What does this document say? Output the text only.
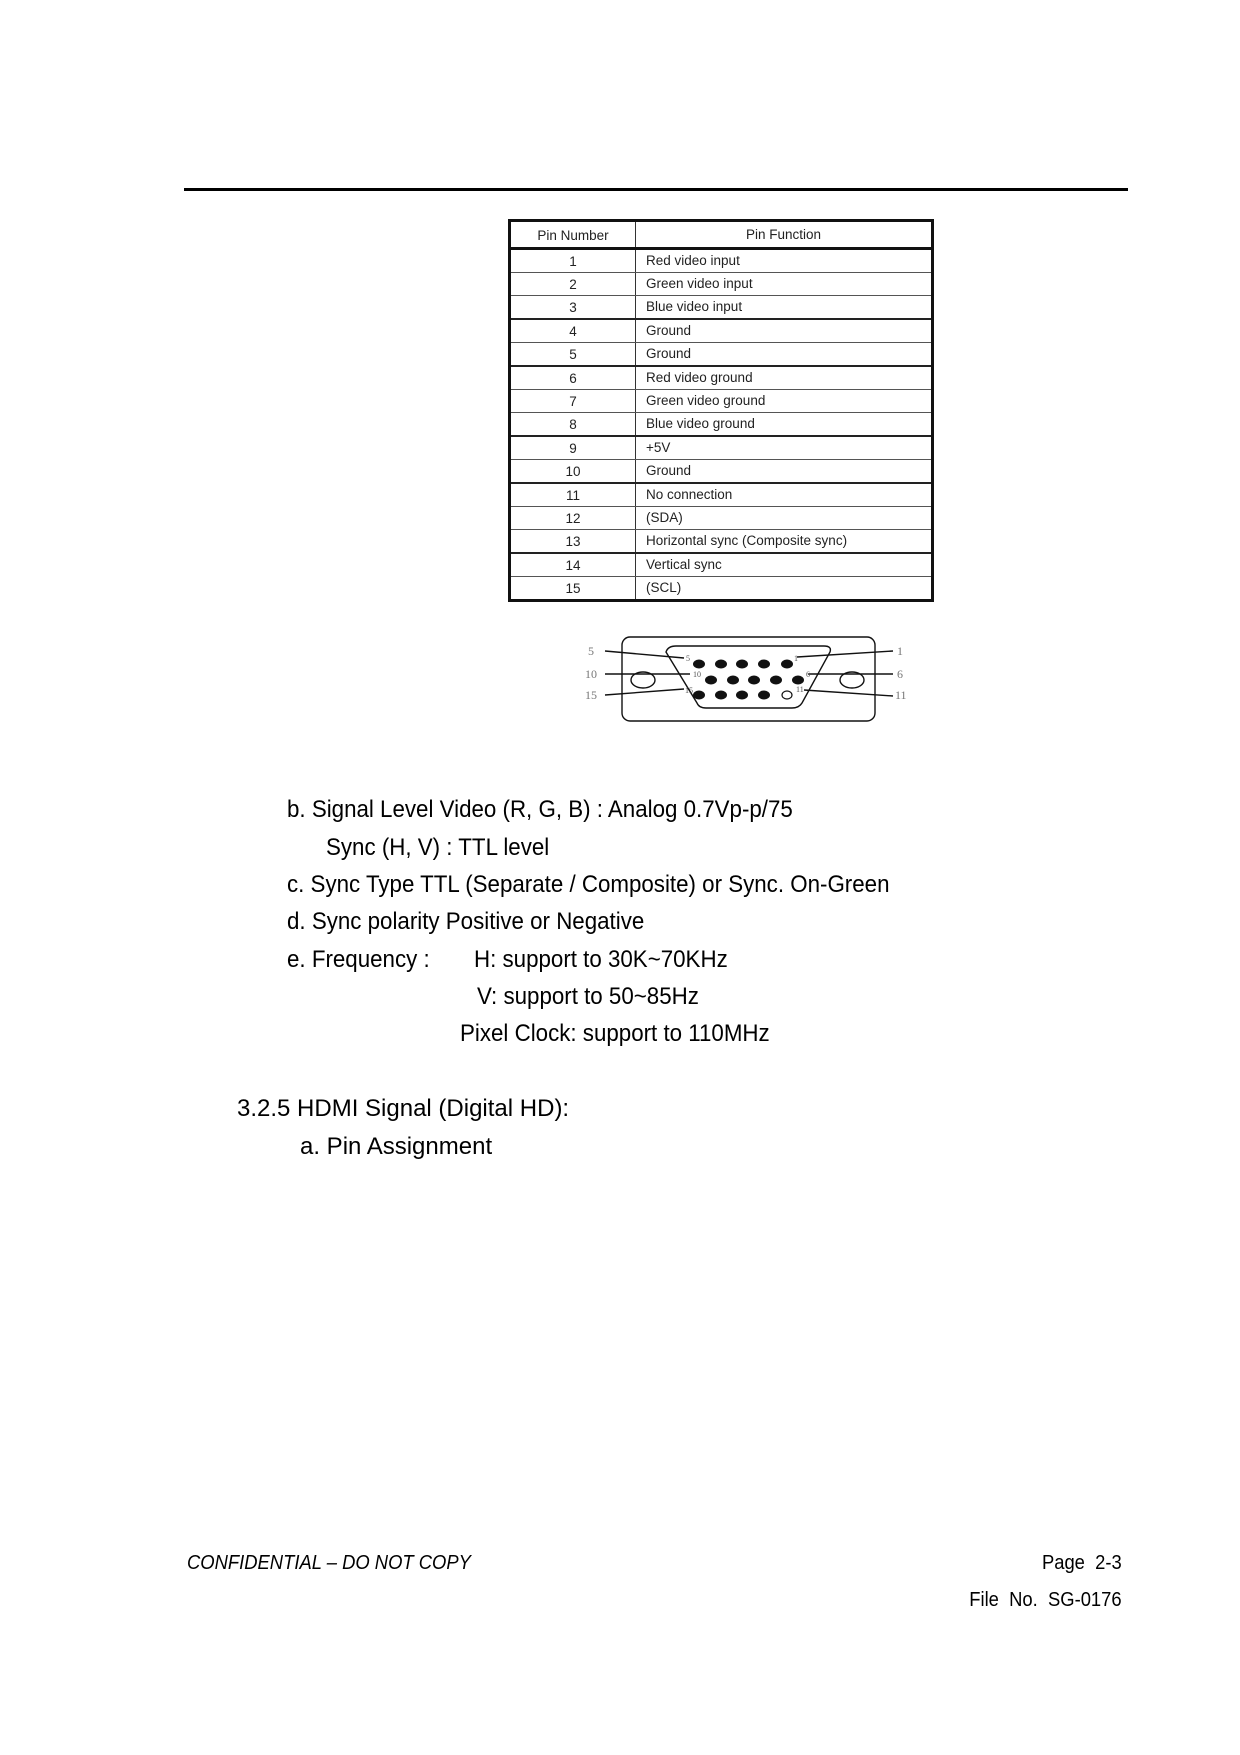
Pin Number	Pin Function
1	Red video input
2	Green video input
3	Blue video input
4	Ground
5	Ground
6	Red video ground
7	Green video ground
8	Blue video ground
9	+5V
10	Ground
11	No connection
12	(SDA)
13	Horizontal sync (Composite sync)
14	Vertical sync
15	(SCL)
5
10
15
1
6
11
5
10
15
1
6
11
b. Signal Level Video (R, G, B) : Analog 0.7Vp-p/75
Sync (H, V) : TTL level
c. Sync Type TTL (Separate / Composite) or Sync. On-Green
d. Sync polarity Positive or Negative
e. Frequency : H: support to 30K~70KHz
V: support to 50~85Hz
Pixel Clock: support to 110MHz
3.2.5 HDMI Signal (Digital HD):
a. Pin Assignment
CONFIDENTIAL – DO NOT COPY	Page  2-3
File  No.  SG-0176
